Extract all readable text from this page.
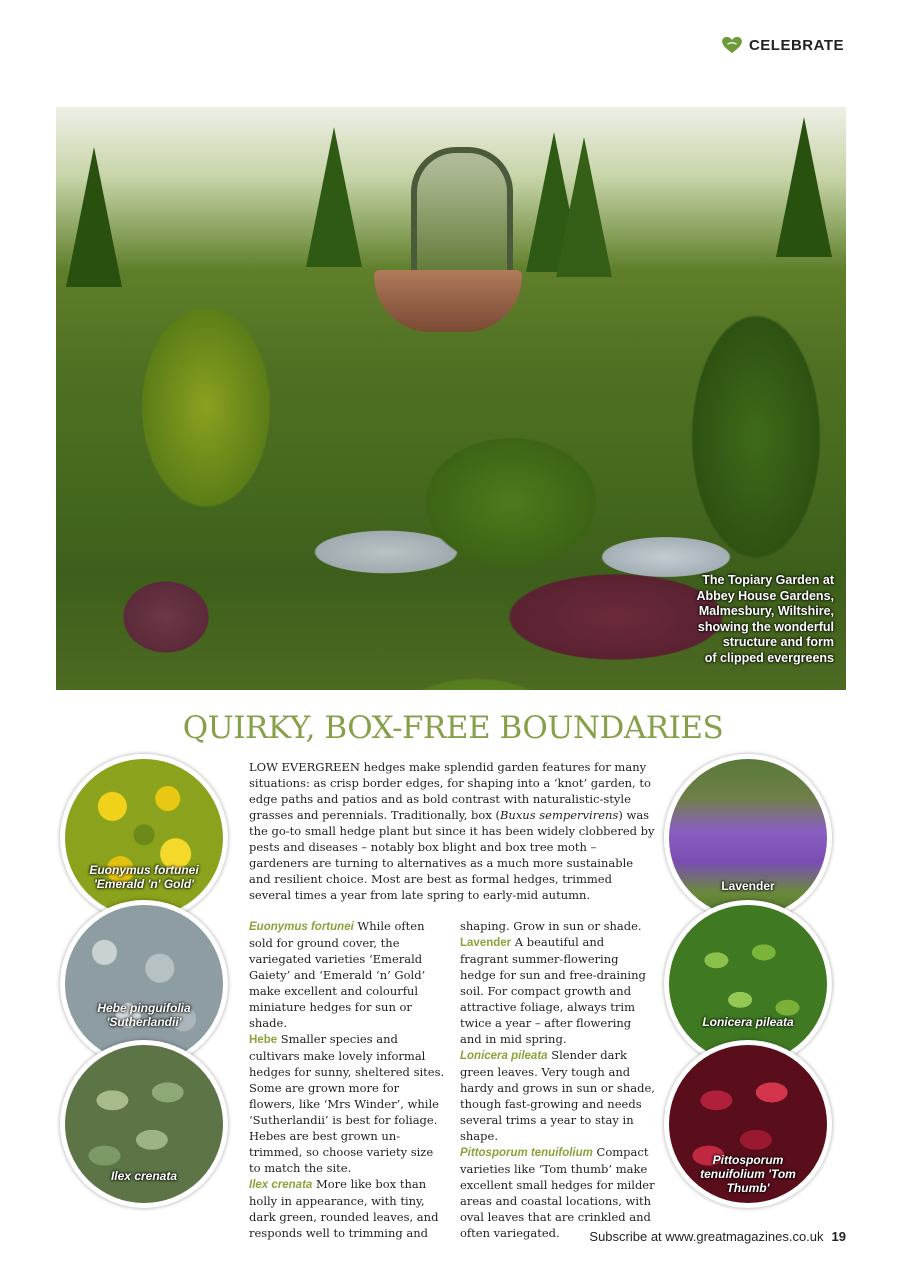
CELEBRATE
The Topiary Garden at
Abbey House Gardens,
Malmesbury, Wiltshire,
showing the wonderful
structure and form
of clipped evergreens
QUIRKY, BOX-FREE BOUNDARIES
Euonymus fortunei
'Emerald 'n' Gold'
Hebe pinguifolia
'Sutherlandii'
Ilex crenata
Lavender
Lonicera pileata
Pittosporum
tenuifolium 'Tom
Thumb'

LOW EVERGREEN hedges make splendid garden features for many situations: as crisp border edges, for shaping into a ‘knot’ garden, to edge paths and patios and as bold contrast with naturalistic-style grasses and perennials. Traditionally, box (Buxus sempervirens) was the go-to small hedge plant but since it has been widely clobbered by pests and diseases – notably box blight and box tree moth – gardeners are turning to alternatives as a much more sustainable and resilient choice. Most are best as formal hedges, trimmed several times a year from late spring to early-mid autumn.

Euonymus fortunei While often sold for ground cover, the variegated varieties ‘Emerald Gaiety’ and ‘Emerald ‘n’ Gold’ make excellent and colourful miniature hedges for sun or shade.
Hebe Smaller species and cultivars make lovely informal hedges for sunny, sheltered sites. Some are grown more for flowers, like ‘Mrs Winder’, while ‘Sutherlandii’ is best for foliage. Hebes are best grown un-trimmed, so choose variety size to match the site.
Ilex crenata More like box than holly in appearance, with tiny, dark green, rounded leaves, and responds well to trimming and
shaping. Grow in sun or shade.
Lavender A beautiful and fragrant summer-flowering hedge for sun and free-draining soil. For compact growth and attractive foliage, always trim twice a year – after flowering and in mid spring.
Lonicera pileata Slender dark green leaves. Very tough and hardy and grows in sun or shade, though fast-growing and needs several trims a year to stay in shape.
Pittosporum tenuifolium Compact varieties like ‘Tom thumb’ make excellent small hedges for milder areas and coastal locations, with oval leaves that are crinkled and often variegated.	Subscribe at www.greatmagazines.co.uk 19
